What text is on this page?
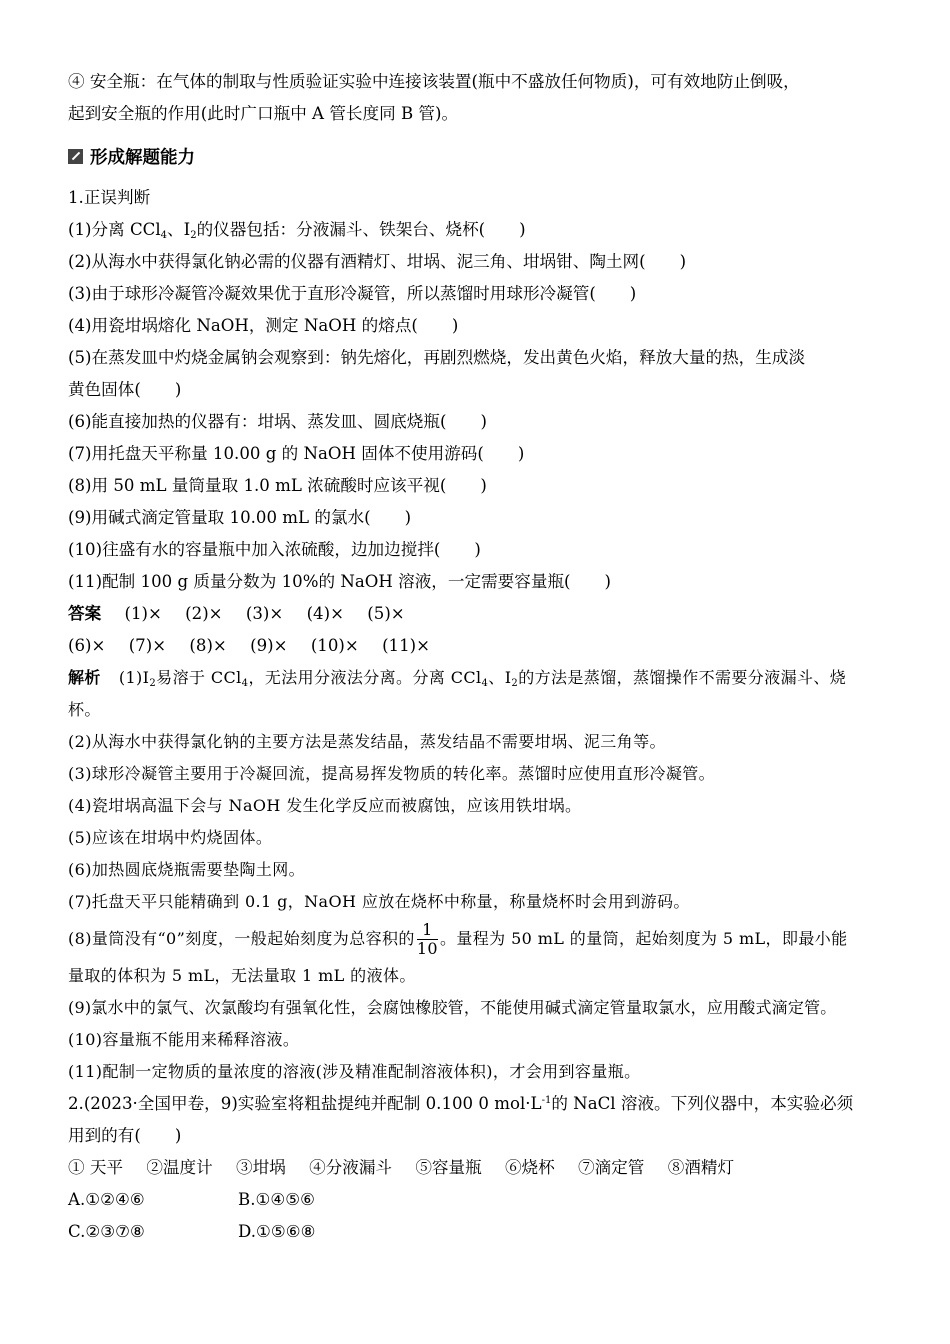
④ 安全瓶：在气体的制取与性质验证实验中连接该装置(瓶中不盛放任何物质)，可有效地防止倒吸，
起到安全瓶的作用(此时广口瓶中 A 管长度同 B 管)。
形成解题能力
1.正误判断
(1)分离 CCl$_4$、$I_2$的仪器包括：分液漏斗、铁架台、烧杯( )
(2)从海水中获得氯化钠必需的仪器有酒精灯、坩埚、泥三角、坩埚钳、陶土网( )
(3)由于球形冷凝管冷凝效果优于直形冷凝管，所以蒸馏时用球形冷凝管( )
(4)用瓷坩埚熔化 NaOH，测定 NaOH 的熔点( )
(5)在蒸发皿中灼烧金属钠会观察到：钠先熔化，再剧烈燃烧，发出黄色火焰，释放大量的热，生成淡
黄色固体( )
(6)能直接加热的仪器有：坩埚、蒸发皿、圆底烧瓶( )
(7)用托盘天平称量 10.00 g 的 NaOH 固体不使用游码( )
(8)用 50 mL 量筒量取 1.0 mL 浓硫酸时应该平视( )
(9)用碱式滴定管量取 10.00 mL 的氯水( )
(10)往盛有水的容量瓶中加入浓硫酸，边加边搅拌( )
(11)配制 100 g 质量分数为 10%的 NaOH 溶液，一定需要容量瓶( )
答案 (1)× (2)× (3)× (4)× (5)×
(6)× (7)× (8)× (9)× (10)× (11)×
解析 $(1)I_2$易溶于 CCl$_4$，无法用分液法分离。分离 CCl$_4$、$I_2$的方法是蒸馏，蒸馏操作不需要分液漏斗、烧
杯。
(2)从海水中获得氯化钠的主要方法是蒸发结晶，蒸发结晶不需要坩埚、泥三角等。
(3)球形冷凝管主要用于冷凝回流，提高易挥发物质的转化率。蒸馏时应使用直形冷凝管。
(4)瓷坩埚高温下会与 NaOH 发生化学反应而被腐蚀，应该用铁坩埚。
(5)应该在坩埚中灼烧固体。
(6)加热圆底烧瓶需要垫陶土网。
(7)托盘天平只能精确到 0.1 g，NaOH 应放在烧杯中称量，称量烧杯时会用到游码。
(8)量筒没有“0”刻度，一般起始刻度为总容积的 $\frac{1}{10}$ 。量程为 50 mL 的量筒，起始刻度为 5 mL，即最小能
量取的体积为 5 mL，无法量取 1 mL 的液体。
(9)氯水中的氯气、次氯酸均有强氧化性，会腐蚀橡胶管，不能使用碱式滴定管量取氯水，应用酸式滴定管。
(10)容量瓶不能用来稀释溶液。
(11)配制一定物质的量浓度的溶液(涉及精准配制溶液体积)，才会用到容量瓶。
2.(2023·全国甲卷，9)实验室将粗盐提纯并配制 0.100 0 $mol\cdot L^{-1}$的 NaCl 溶液。下列仪器中，本实验必须
用到的有( )
① 天平 ②温度计 ③坩埚 ④分液漏斗 ⑤容量瓶 ⑥烧杯 ⑦滴定管 ⑧酒精灯
A.①②④⑥	B.①④⑤⑥
C.②③⑦⑧	D.①⑤⑥⑧
